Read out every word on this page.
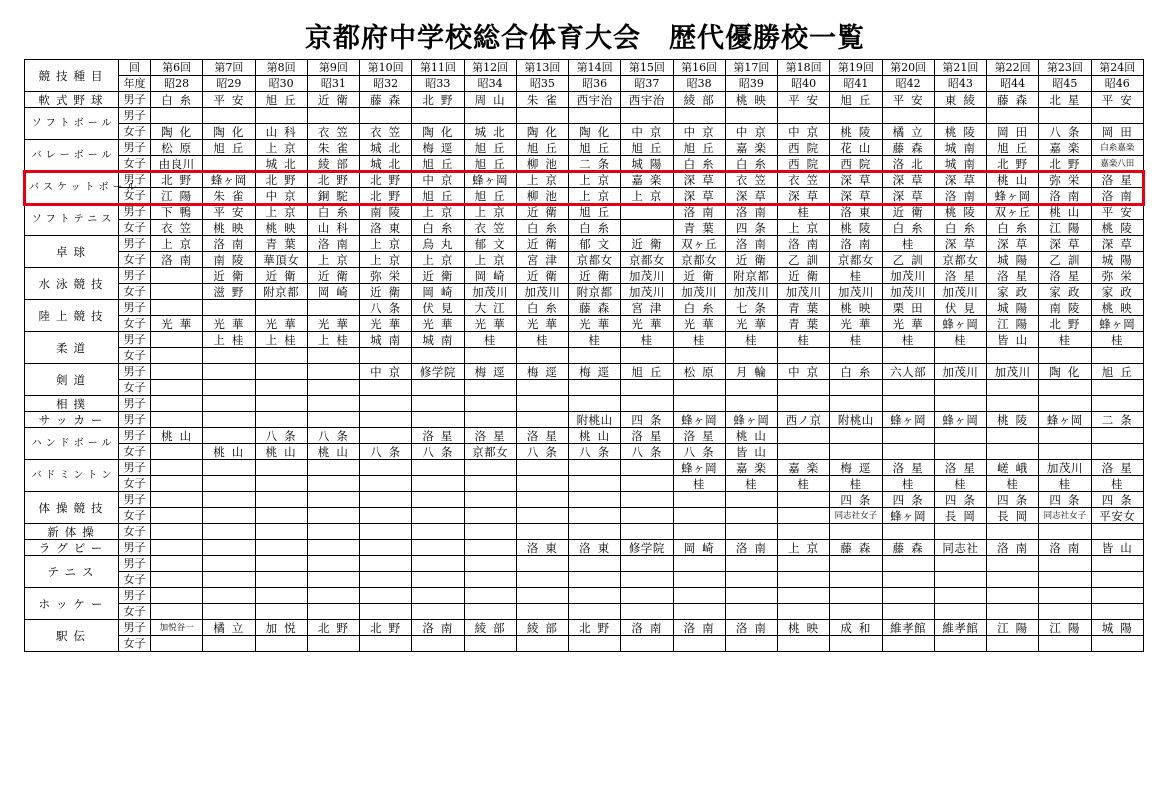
京都府中学校総合体育大会 歴代優勝校一覧
競技種目	回	第6回	第7回	第8回	第9回	第10回	第11回	第12回	第13回	第14回	第15回	第16回	第17回	第18回	第19回	第20回	第21回	第22回	第23回	第24回
	年度	昭28	昭29	昭30	昭31	昭32	昭33	昭34	昭35	昭36	昭37	昭38	昭39	昭40	昭41	昭42	昭43	昭44	昭45	昭46
軟式野球	男子	白糸	平安	旭丘	近衛	藤森	北野	周山	朱雀	西宇治	西宇治	綾部	桃映	平安	旭丘	平安	東綾	藤森	北星	平安
ソフトボール	男子																			
	女子	陶化	陶化	山科	衣笠	衣笠	陶化	城北	陶化	陶化	中京	中京	中京	中京	桃陵	橘立	桃陵	岡田	八条	岡田
バレーボール	男子	松原	旭丘	上京	朱雀	城北	梅逕	旭丘	旭丘	旭丘	旭丘	旭丘	嘉楽	西院	花山	藤森	城南	旭丘	嘉楽	白糸嘉楽
	女子	由良川		城北	綾部	城北	旭丘	旭丘	柳池	二条	城陽	白糸	白糸	西院	西院	洛北	城南	北野	北野	嘉楽八田
バスケットボール	男子	北野	蜂ヶ岡	北野	北野	北野	中京	蜂ヶ岡	上京	上京	嘉楽	深草	衣笠	衣笠	深草	深草	深草	桃山	弥栄	洛星
	女子	江陽	朱雀	中京	銅駝	北野	旭丘	旭丘	柳池	上京	上京	深草	深草	深草	深草	深草	洛南	蜂ヶ岡	洛南	洛南
ソフトテニス	男子	下鴨	平安	上京	白糸	南陵	上京	上京	近衛	旭丘		洛南	洛南	桂	洛東	近衛	桃陵	双ヶ丘	桃山	平安
	女子	衣笠	桃映	桃映	山科	洛東	白糸	衣笠	白糸	白糸		青葉	四条	上京	桃陵	白糸	白糸	白糸	江陽	桃陵
卓球	男子	上京	洛南	青葉	洛南	上京	烏丸	郁文	近衛	郁文	近衛	双ヶ丘	洛南	洛南	洛南	桂	深草	深草	深草	深草
	女子	洛南	南陵	華頂女	上京	上京	上京	上京	宮津	京都女	京都女	京都女	近衛	乙訓	京都女	乙訓	京都女	城陽	乙訓	城陽
水泳競技	男子		近衛	近衛	近衛	弥栄	近衛	岡崎	近衛	近衛	加茂川	近衛	附京都	近衛	桂	加茂川	洛星	洛星	洛星	弥栄
	女子		滋野	附京都	岡崎	近衛	岡崎	加茂川	加茂川	附京都	加茂川	加茂川	加茂川	加茂川	加茂川	加茂川	加茂川	家政	家政	家政
陸上競技	男子					八条	伏見	大江	白糸	藤森	宮津	白糸	七条	青葉	桃映	栗田	伏見	城陽	南陵	桃映
	女子	光華	光華	光華	光華	光華	光華	光華	光華	光華	光華	光華	光華	青葉	光華	光華	蜂ヶ岡	江陽	北野	蜂ヶ岡
柔道	男子		上桂	上桂	上桂	城南	城南	桂	桂	桂	桂	桂	桂	桂	桂	桂	桂	皆山	桂	桂
	女子																			
剣道	男子					中京	修学院	梅逕	梅逕	梅逕	旭丘	松原	月輪	中京	白糸	六人部	加茂川	加茂川	陶化	旭丘
	女子																			
相撲	男子																			
サッカー	男子									附桃山	四条	蜂ヶ岡	蜂ヶ岡	西ノ京	附桃山	蜂ヶ岡	蜂ヶ岡	桃陵	蜂ヶ岡	二条
ハンドボール	男子	桃山		八条	八条		洛星	洛星	洛星	桃山	洛星	洛星	桃山							
	女子		桃山	桃山	桃山	八条	八条	京都女	八条	八条	八条	八条	皆山							
バドミントン	男子											蜂ヶ岡	嘉楽	嘉楽	梅逕	洛星	洛星	嵯峨	加茂川	洛星
	女子											桂	桂	桂	桂	桂	桂	桂	桂	桂
体操競技	男子														四条	四条	四条	四条	四条	四条
	女子														同志社女子	蜂ヶ岡	長岡	長岡	同志社女子	平安女
新体操	女子																			
ラグビー	男子								洛東	洛東	修学院	岡崎	洛南	上京	藤森	藤森	同志社	洛南	洛南	皆山
テニス	男子																			
	女子																			
ホッケー	男子																			
	女子																			
駅伝	男子	加悦谷一	橘立	加悦	北野	北野	洛南	綾部	綾部	北野	洛南	洛南	洛南	桃映	成和	維孝館	維孝館	江陽	江陽	城陽
	女子																			
